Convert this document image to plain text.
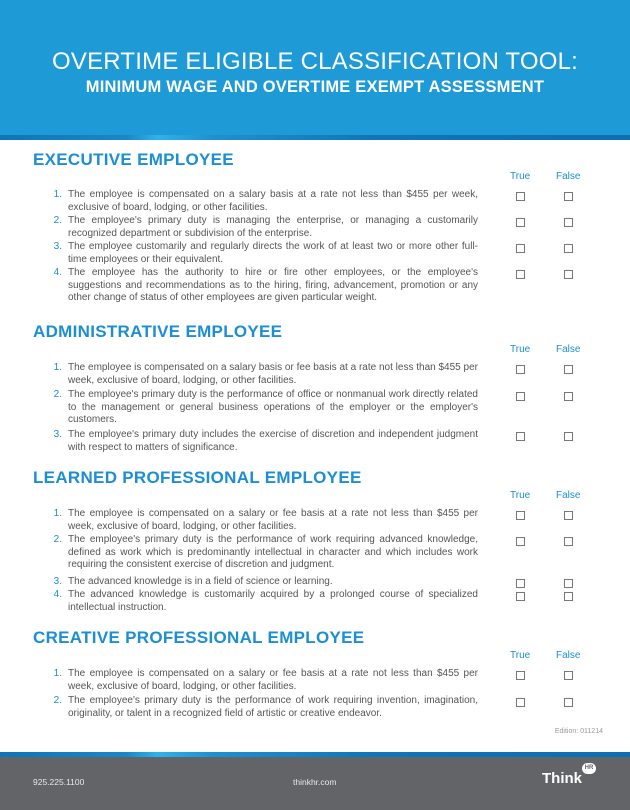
OVERTIME ELIGIBLE CLASSIFICATION TOOL:
MINIMUM WAGE AND OVERTIME EXEMPT ASSESSMENT
EXECUTIVE EMPLOYEE
True	False
1. The employee is compensated on a salary basis at a rate not less than $455 per week, exclusive of board, lodging, or other facilities.
2. The employee's primary duty is managing the enterprise, or managing a customarily recognized department or subdivision of the enterprise.
3. The employee customarily and regularly directs the work of at least two or more other full-time employees or their equivalent.
4. The employee has the authority to hire or fire other employees, or the employee's suggestions and recommendations as to the hiring, firing, advancement, promotion or any other change of status of other employees are given particular weight.
ADMINISTRATIVE EMPLOYEE
True	False
1. The employee is compensated on a salary basis or fee basis at a rate not less than $455 per week, exclusive of board, lodging, or other facilities.
2. The employee's primary duty is the performance of office or nonmanual work directly related to the management or general business operations of the employer or the employer's customers.
3. The employee's primary duty includes the exercise of discretion and independent judgment with respect to matters of significance.
LEARNED PROFESSIONAL EMPLOYEE
True	False
1. The employee is compensated on a salary or fee basis at a rate not less than $455 per week, exclusive of board, lodging, or other facilities.
2. The employee's primary duty is the performance of work requiring advanced knowledge, defined as work which is predominantly intellectual in character and which includes work requiring the consistent exercise of discretion and judgment.
3. The advanced knowledge is in a field of science or learning.
4. The advanced knowledge is customarily acquired by a prolonged course of specialized intellectual instruction.
CREATIVE PROFESSIONAL EMPLOYEE
True	False
1. The employee is compensated on a salary or fee basis at a rate not less than $455 per week, exclusive of board, lodging, or other facilities.
2. The employee's primary duty is the performance of work requiring invention, imagination, originality, or talent in a recognized field of artistic or creative endeavor.
Edition: 011214
925.225.1100	thinkhr.com	Think
HR
